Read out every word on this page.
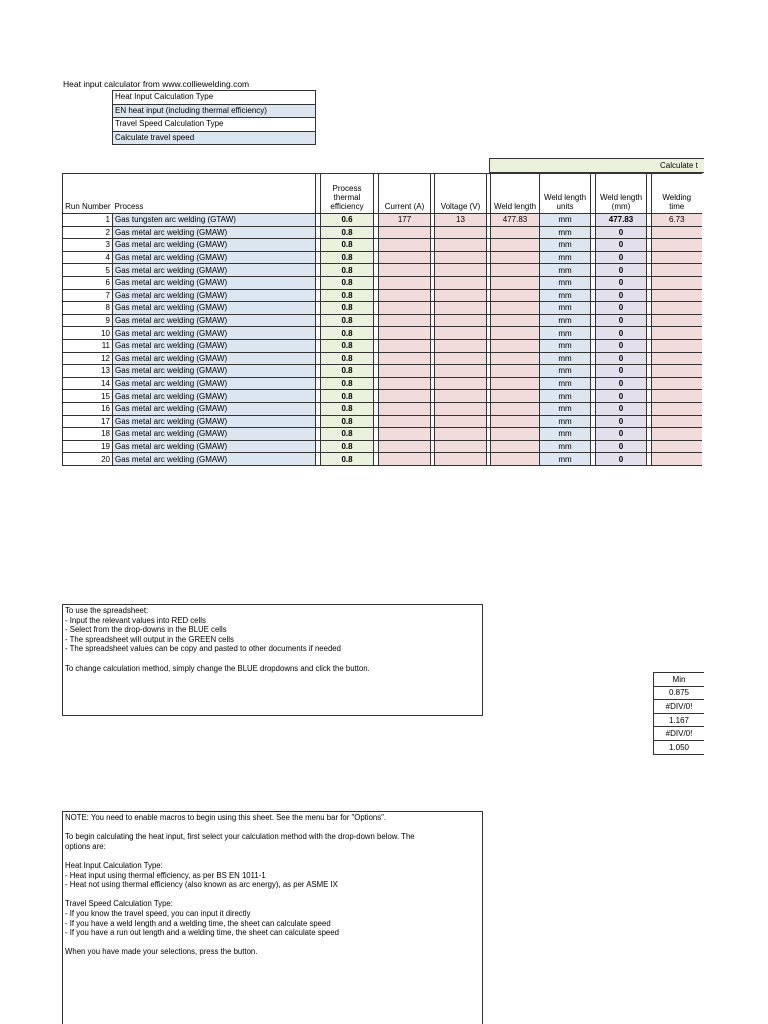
Heat input calculator from www.colliewelding.com
Heat Input Calculation Type
EN heat input (including thermal efficiency)
Travel Speed Calculation Type
Calculate travel speed
Calculate t
Run Number	Process		Process thermal efficiency		Current (A)		Voltage (V)		Weld length	Weld length units		Weld length (mm)		Welding time
1	Gas tungsten arc welding (GTAW)		0.6		177		13		477.83	mm		477.83		6.73
2	Gas metal arc welding (GMAW)		0.8							mm		0		
3	Gas metal arc welding (GMAW)		0.8							mm		0		
4	Gas metal arc welding (GMAW)		0.8							mm		0		
5	Gas metal arc welding (GMAW)		0.8							mm		0		
6	Gas metal arc welding (GMAW)		0.8							mm		0		
7	Gas metal arc welding (GMAW)		0.8							mm		0		
8	Gas metal arc welding (GMAW)		0.8							mm		0		
9	Gas metal arc welding (GMAW)		0.8							mm		0		
10	Gas metal arc welding (GMAW)		0.8							mm		0		
11	Gas metal arc welding (GMAW)		0.8							mm		0		
12	Gas metal arc welding (GMAW)		0.8							mm		0		
13	Gas metal arc welding (GMAW)		0.8							mm		0		
14	Gas metal arc welding (GMAW)		0.8							mm		0		
15	Gas metal arc welding (GMAW)		0.8							mm		0		
16	Gas metal arc welding (GMAW)		0.8							mm		0		
17	Gas metal arc welding (GMAW)		0.8							mm		0		
18	Gas metal arc welding (GMAW)		0.8							mm		0		
19	Gas metal arc welding (GMAW)		0.8							mm		0		
20	Gas metal arc welding (GMAW)		0.8							mm		0		
To use the spreadsheet:
- Input the relevant values into RED cells
- Select from the drop-downs in the BLUE cells
- The spreadsheet will output in the GREEN cells
- The spreadsheet values can be copy and pasted to other documents if needed
To change calculation method, simply change the BLUE dropdowns and click the button.
Min
0.875
#DIV/0!
1.167
#DIV/0!
1.050
NOTE: You need to enable macros to begin using this sheet. See the menu bar for "Options".
To begin calculating the heat input, first select your calculation method with the drop-down below. The
options are:
Heat Input Calculation Type:
- Heat input using thermal efficiency, as per BS EN 1011-1
- Heat not using thermal efficiency (also known as arc energy), as per ASME IX
Travel Speed Calculation Type:
- If you know the travel speed, you can input it directly
- If you have a weld length and a welding time, the sheet can calculate speed
- If you have a run out length and a welding time, the sheet can calculate speed
When you have made your selections, press the button.
